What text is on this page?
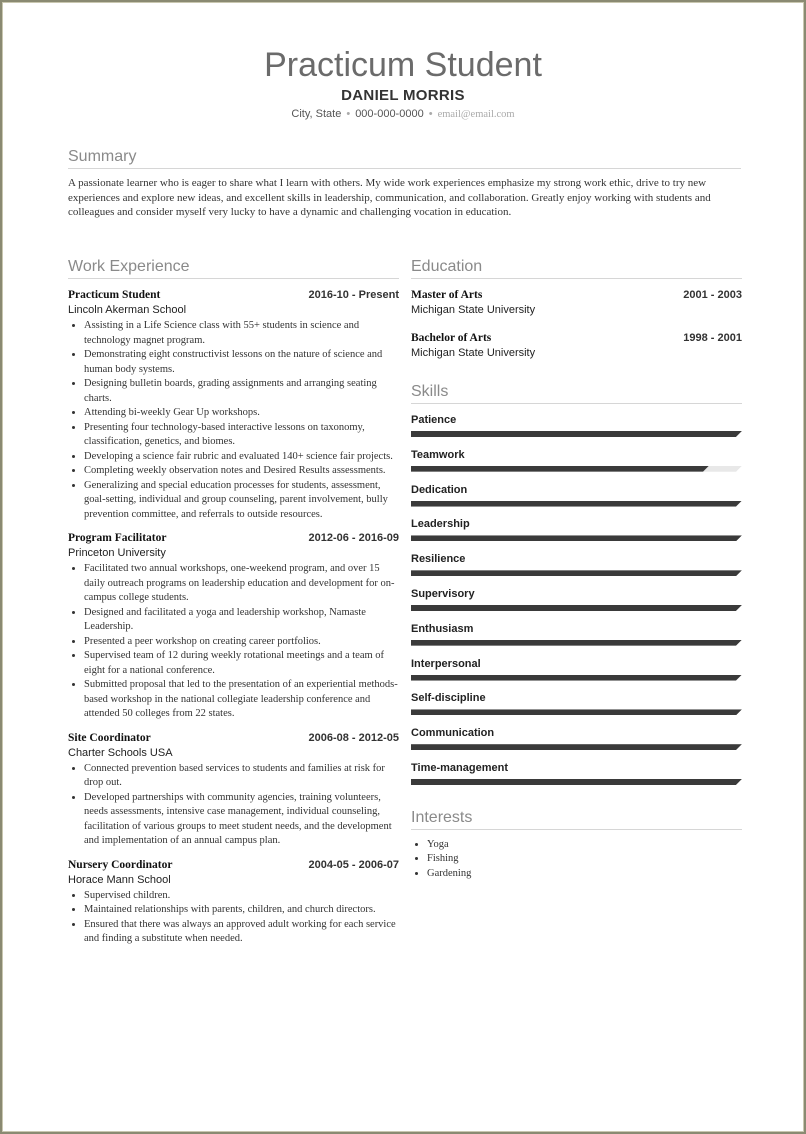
Practicum Student
DANIEL MORRIS
City, State • 000-000-0000 • email@email.com
Summary

A passionate learner who is eager to share what I learn with others. My wide work experiences emphasize my strong work ethic, drive to try new experiences and explore new ideas, and excellent skills in leadership, communication, and collaboration. Greatly enjoy working with students and colleagues and consider myself very lucky to have a dynamic and challenging vocation in education.

Work Experience
Practicum Student	2016-10 - Present
Lincoln Akerman School
• Assisting in a Life Science class with 55+ students in science and technology magnet program.
• Demonstrating eight constructivist lessons on the nature of science and human body systems.
• Designing bulletin boards, grading assignments and arranging seating charts.
• Attending bi-weekly Gear Up workshops.
• Presenting four technology-based interactive lessons on taxonomy, classification, genetics, and biomes.
• Developing a science fair rubric and evaluated 140+ science fair projects.
• Completing weekly observation notes and Desired Results assessments.
• Generalizing and special education processes for students, assessment, goal-setting, individual and group counseling, parent involvement, bully prevention committee, and referrals to outside resources.
Program Facilitator	2012-06 - 2016-09
Princeton University
• Facilitated two annual workshops, one-weekend program, and over 15 daily outreach programs on leadership education and development for on-campus college students.
• Designed and facilitated a yoga and leadership workshop, Namaste Leadership.
• Presented a peer workshop on creating career portfolios.
• Supervised team of 12 during weekly rotational meetings and a team of eight for a national conference.
• Submitted proposal that led to the presentation of an experiential methods-based workshop in the national collegiate leadership conference and attended 50 colleges from 22 states.
Site Coordinator	2006-08 - 2012-05
Charter Schools USA
• Connected prevention based services to students and families at risk for drop out.
• Developed partnerships with community agencies, training volunteers, needs assessments, intensive case management, individual counseling, facilitation of various groups to meet student needs, and the development and implementation of an annual campus plan.
Nursery Coordinator	2004-05 - 2006-07
Horace Mann School
• Supervised children.
• Maintained relationships with parents, children, and church directors.
• Ensured that there was always an approved adult working for each service and finding a substitute when needed.
Education
Master of Arts	2001 - 2003
Michigan State University
Bachelor of Arts	1998 - 2001
Michigan State University
Skills
Patience
Teamwork
Dedication
Leadership
Resilience
Supervisory
Enthusiasm
Interpersonal
Self-discipline
Communication
Time-management
Interests
• Yoga
• Fishing
• Gardening
